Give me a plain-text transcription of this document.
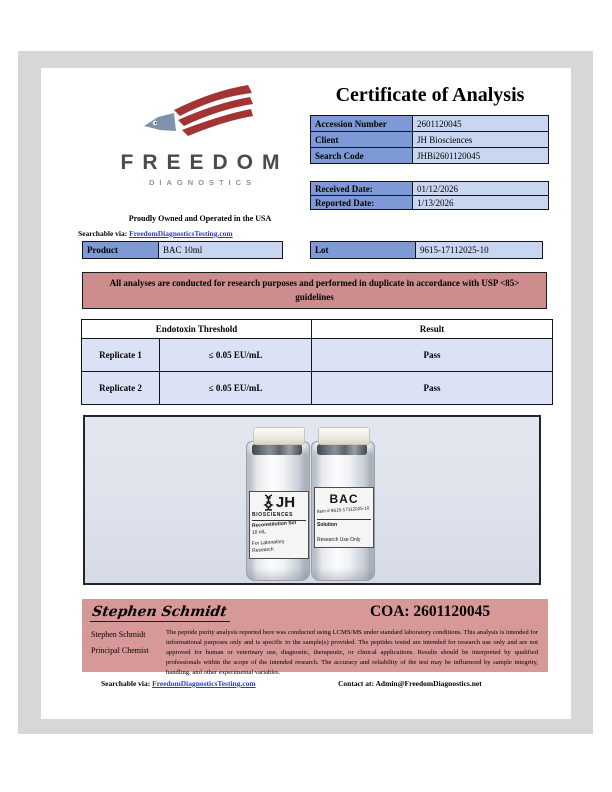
FREEDOM
DIAGNOSTICS
Proudly Owned and Operated in the USA
Searchable via: FreedomDiagnosticsTesting.com
Certificate of Analysis
Accession Number	2601120045
Client	JH Biosciences
Search Code	JHBi2601120045
Received Date:	01/12/2026
Reported Date:	1/13/2026
Product	BAC 10ml	Lot	9615-17112025-10
All analyses are conducted for research purposes and performed in duplicate in accordance with USP <85> guidelines
Endotoxin Threshold		Result
Replicate 1	≤ 0.05 EU/mL	Pass
Replicate 2	≤ 0.05 EU/mL	Pass
JH
BIOSCIENCES
Reconstitution Sol
10 mL
For Laboratory Research
BAC
Item # 9615-17112025-10
Solution
Research Use Only
Stephen Schmidt	COA: 2601120045
Stephen Schmidt
Principal Chemist
The peptide purity analysis reported here was conducted using LCMS/MS under standard laboratory conditions. This analysis is intended for informational purposes only and is specific to the sample(s) provided. The peptides tested are intended for research use only and are not approved for human or veterinary use, diagnostic, therapeutic, or clinical applications. Results should be interpreted by qualified professionals within the scope of the intended research. The accuracy and reliability of the test may be influenced by sample integrity, handling, and other experimental variables.
Searchable via: FreedomDiagnosticsTesting.com	Contact at: Admin@FreedomDiagnostics.net
